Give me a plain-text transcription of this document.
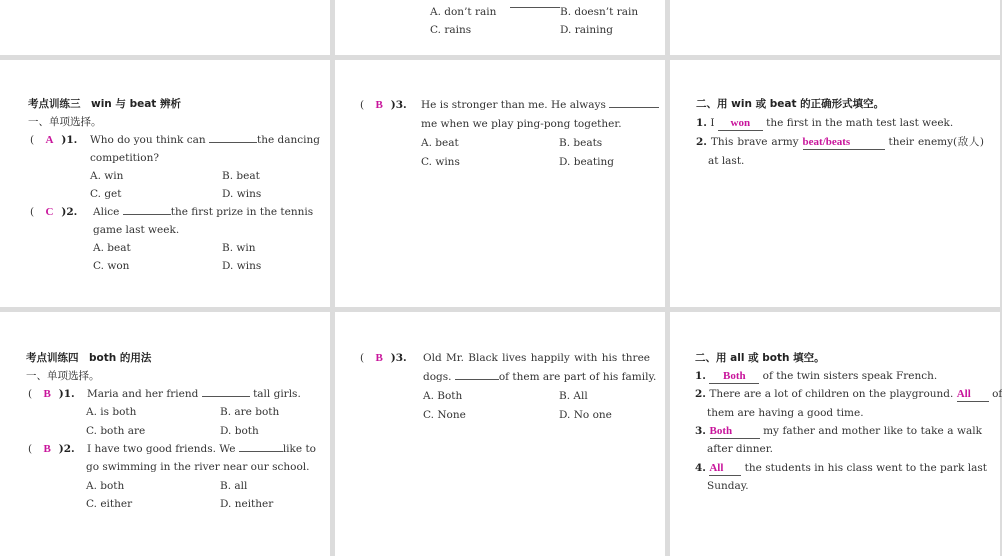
A. don’t rain	B. doesn’t rain
C. rains	D. raining
考点训练三　win 与 beat 辨析
一、单项选择。
( A )1. Who do you think can	the dancing
competition?
A. win	B. beat
C. get	D. wins
( C )2. Alice	the first prize in the tennis
game last week.
A. beat	B. win
C. won	D. wins
( B )3. He is stronger than me. He always
me when we play ping-pong together.
A. beat	B. beats
C. wins	D. beating
二、用 win 或 beat 的正确形式填空。
1. I won the first in the math test last week.
2. This brave army beat/beats	their enemy(敌人)
at last.
考点训练四　both 的用法
一、单项选择。
( B )1. Maria and her friend	tall girls.
A. is both	B. are both
C. both are	D. both
( B )2. I have two good friends. We	like to
go swimming in the river near our school.
A. both	B. all
C. either	D. neither
( B )3. Old Mr. Black lives happily with his three
dogs.	of them are part of his family.
A. Both	B. All
C. None	D. No one
二、用 all 或 both 填空。
1. Both of the twin sisters speak French.
2. There are a lot of children on the playground. All of
them are having a good time.
3. Both	my father and mother like to take a walk
after dinner.
4. All the students in his class went to the park last
Sunday.
